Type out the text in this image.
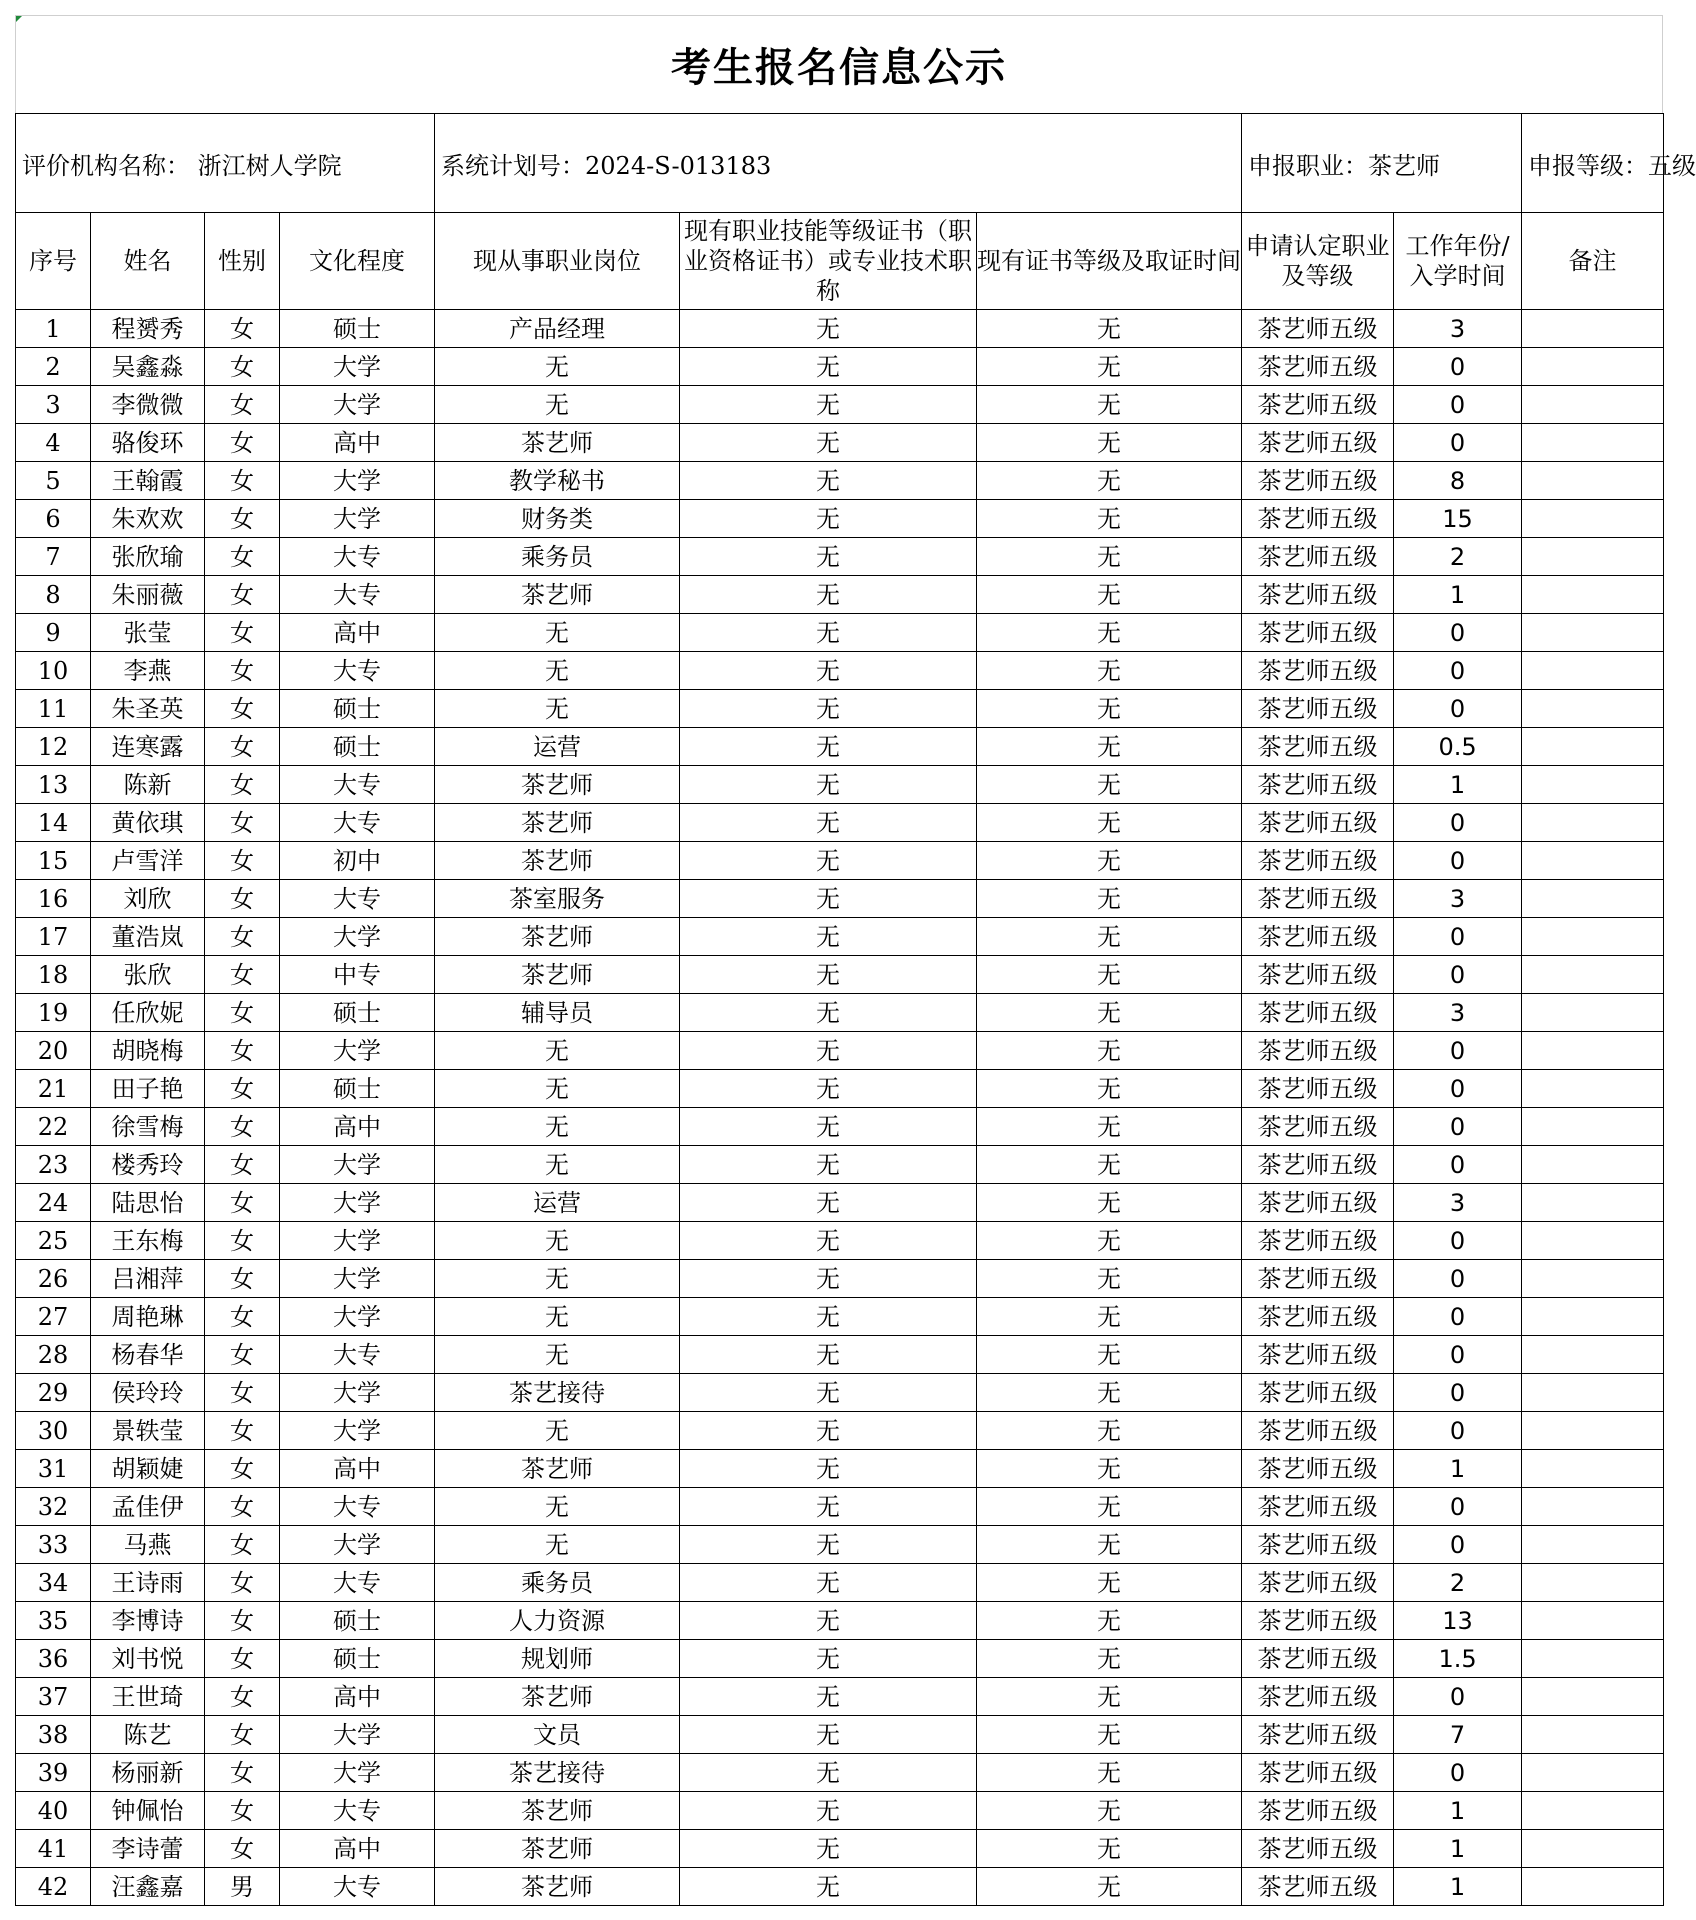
考生报名信息公示
评价机构名称： 浙江树人学院				系统计划号：2024-S-013183			申报职业：茶艺师		申报等级：五级
序号	姓名	性别	文化程度	现从事职业岗位	现有职业技能等级证书（职业资格证书）或专业技术职称	现有证书等级及取证时间	申请认定职业及等级	工作年份/入学时间	备注
1	程赟秀	女	硕士	产品经理	无	无	茶艺师五级	3	
2	吴鑫淼	女	大学	无	无	无	茶艺师五级	0	
3	李微微	女	大学	无	无	无	茶艺师五级	0	
4	骆俊环	女	高中	茶艺师	无	无	茶艺师五级	0	
5	王翰霞	女	大学	教学秘书	无	无	茶艺师五级	8	
6	朱欢欢	女	大学	财务类	无	无	茶艺师五级	15	
7	张欣瑜	女	大专	乘务员	无	无	茶艺师五级	2	
8	朱丽薇	女	大专	茶艺师	无	无	茶艺师五级	1	
9	张莹	女	高中	无	无	无	茶艺师五级	0	
10	李燕	女	大专	无	无	无	茶艺师五级	0	
11	朱圣英	女	硕士	无	无	无	茶艺师五级	0	
12	连寒露	女	硕士	运营	无	无	茶艺师五级	0.5	
13	陈新	女	大专	茶艺师	无	无	茶艺师五级	1	
14	黄依琪	女	大专	茶艺师	无	无	茶艺师五级	0	
15	卢雪洋	女	初中	茶艺师	无	无	茶艺师五级	0	
16	刘欣	女	大专	茶室服务	无	无	茶艺师五级	3	
17	董浩岚	女	大学	茶艺师	无	无	茶艺师五级	0	
18	张欣	女	中专	茶艺师	无	无	茶艺师五级	0	
19	任欣妮	女	硕士	辅导员	无	无	茶艺师五级	3	
20	胡晓梅	女	大学	无	无	无	茶艺师五级	0	
21	田子艳	女	硕士	无	无	无	茶艺师五级	0	
22	徐雪梅	女	高中	无	无	无	茶艺师五级	0	
23	楼秀玲	女	大学	无	无	无	茶艺师五级	0	
24	陆思怡	女	大学	运营	无	无	茶艺师五级	3	
25	王东梅	女	大学	无	无	无	茶艺师五级	0	
26	吕湘萍	女	大学	无	无	无	茶艺师五级	0	
27	周艳琳	女	大学	无	无	无	茶艺师五级	0	
28	杨春华	女	大专	无	无	无	茶艺师五级	0	
29	侯玲玲	女	大学	茶艺接待	无	无	茶艺师五级	0	
30	景轶莹	女	大学	无	无	无	茶艺师五级	0	
31	胡颖婕	女	高中	茶艺师	无	无	茶艺师五级	1	
32	孟佳伊	女	大专	无	无	无	茶艺师五级	0	
33	马燕	女	大学	无	无	无	茶艺师五级	0	
34	王诗雨	女	大专	乘务员	无	无	茶艺师五级	2	
35	李博诗	女	硕士	人力资源	无	无	茶艺师五级	13	
36	刘书悦	女	硕士	规划师	无	无	茶艺师五级	1.5	
37	王世琦	女	高中	茶艺师	无	无	茶艺师五级	0	
38	陈艺	女	大学	文员	无	无	茶艺师五级	7	
39	杨丽新	女	大学	茶艺接待	无	无	茶艺师五级	0	
40	钟佩怡	女	大专	茶艺师	无	无	茶艺师五级	1	
41	李诗蕾	女	高中	茶艺师	无	无	茶艺师五级	1	
42	汪鑫嘉	男	大专	茶艺师	无	无	茶艺师五级	1	
